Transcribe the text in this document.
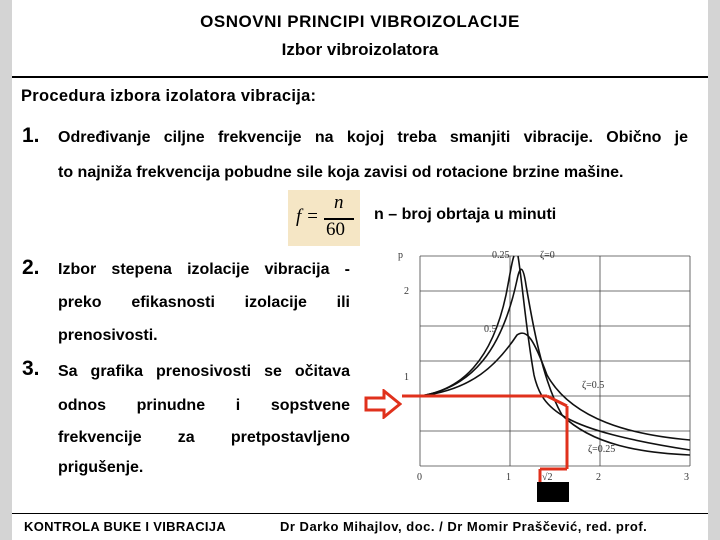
OSNOVNI PRINCIPI VIBROIZOLACIJE
Izbor vibroizolatora
Procedura izbora izolatora vibracija:
1. Određivanje ciljne frekvencije na kojoj treba smanjiti vibracije. Obično je
to najniža frekvencija pobudne sile koja zavisi od rotacione brzine mašine.
f =
n
60
n – broj obrtaja u minuti
2. Izbor stepena izolacije vibracija -
preko efikasnosti izolacije ili
prenosivosti.
3. Sa grafika prenosivosti se očitava
odnos prinudne i sopstvene
frekvencije za pretpostavljeno
prigušenje.
p
2
1
0	1	√2	2	3
0.25	ζ=0
0.5
ζ=0.5
ζ=0.25
KONTROLA BUKE I VIBRACIJA	Dr Darko Mihajlov, doc. / Dr Momir Praščević, red. prof.
